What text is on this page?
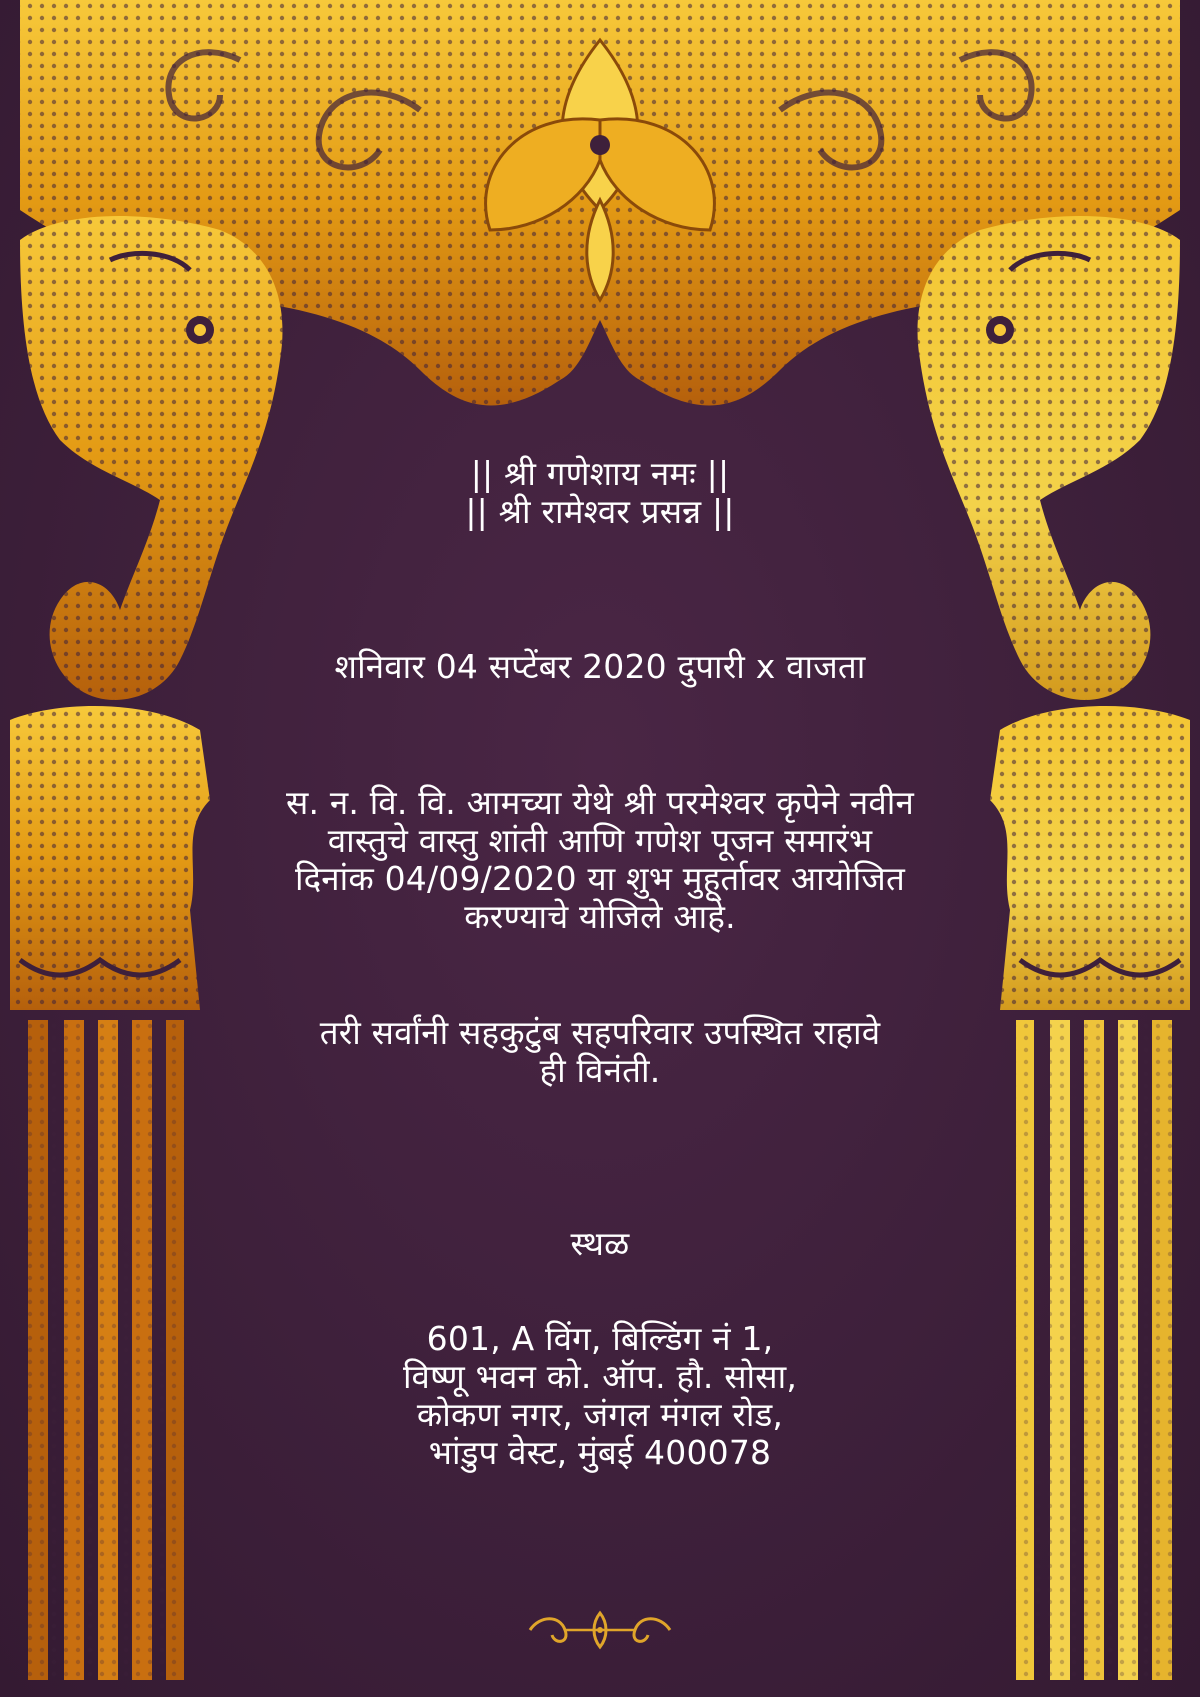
|| श्री गणेशाय नमः ||
|| श्री रामेश्वर प्रसन्न ||
शनिवार 04 सप्टेंबर 2020 दुपारी x वाजता
स. न. वि. वि. आमच्या येथे श्री परमेश्वर कृपेने नवीन
वास्तुचे वास्तु शांती आणि गणेश पूजन समारंभ
दिनांक 04/09/2020 या शुभ मुहूर्तावर आयोजित
करण्याचे योजिले आहे.
तरी सर्वांनी सहकुटुंब सहपरिवार उपस्थित राहावे
ही विनंती.
स्थळ
601, A विंग, बिल्डिंग नं 1,
विष्णू भवन को. ऑप. हौ. सोसा,
कोकण नगर, जंगल मंगल रोड,
भांडुप वेस्ट, मुंबई 400078
